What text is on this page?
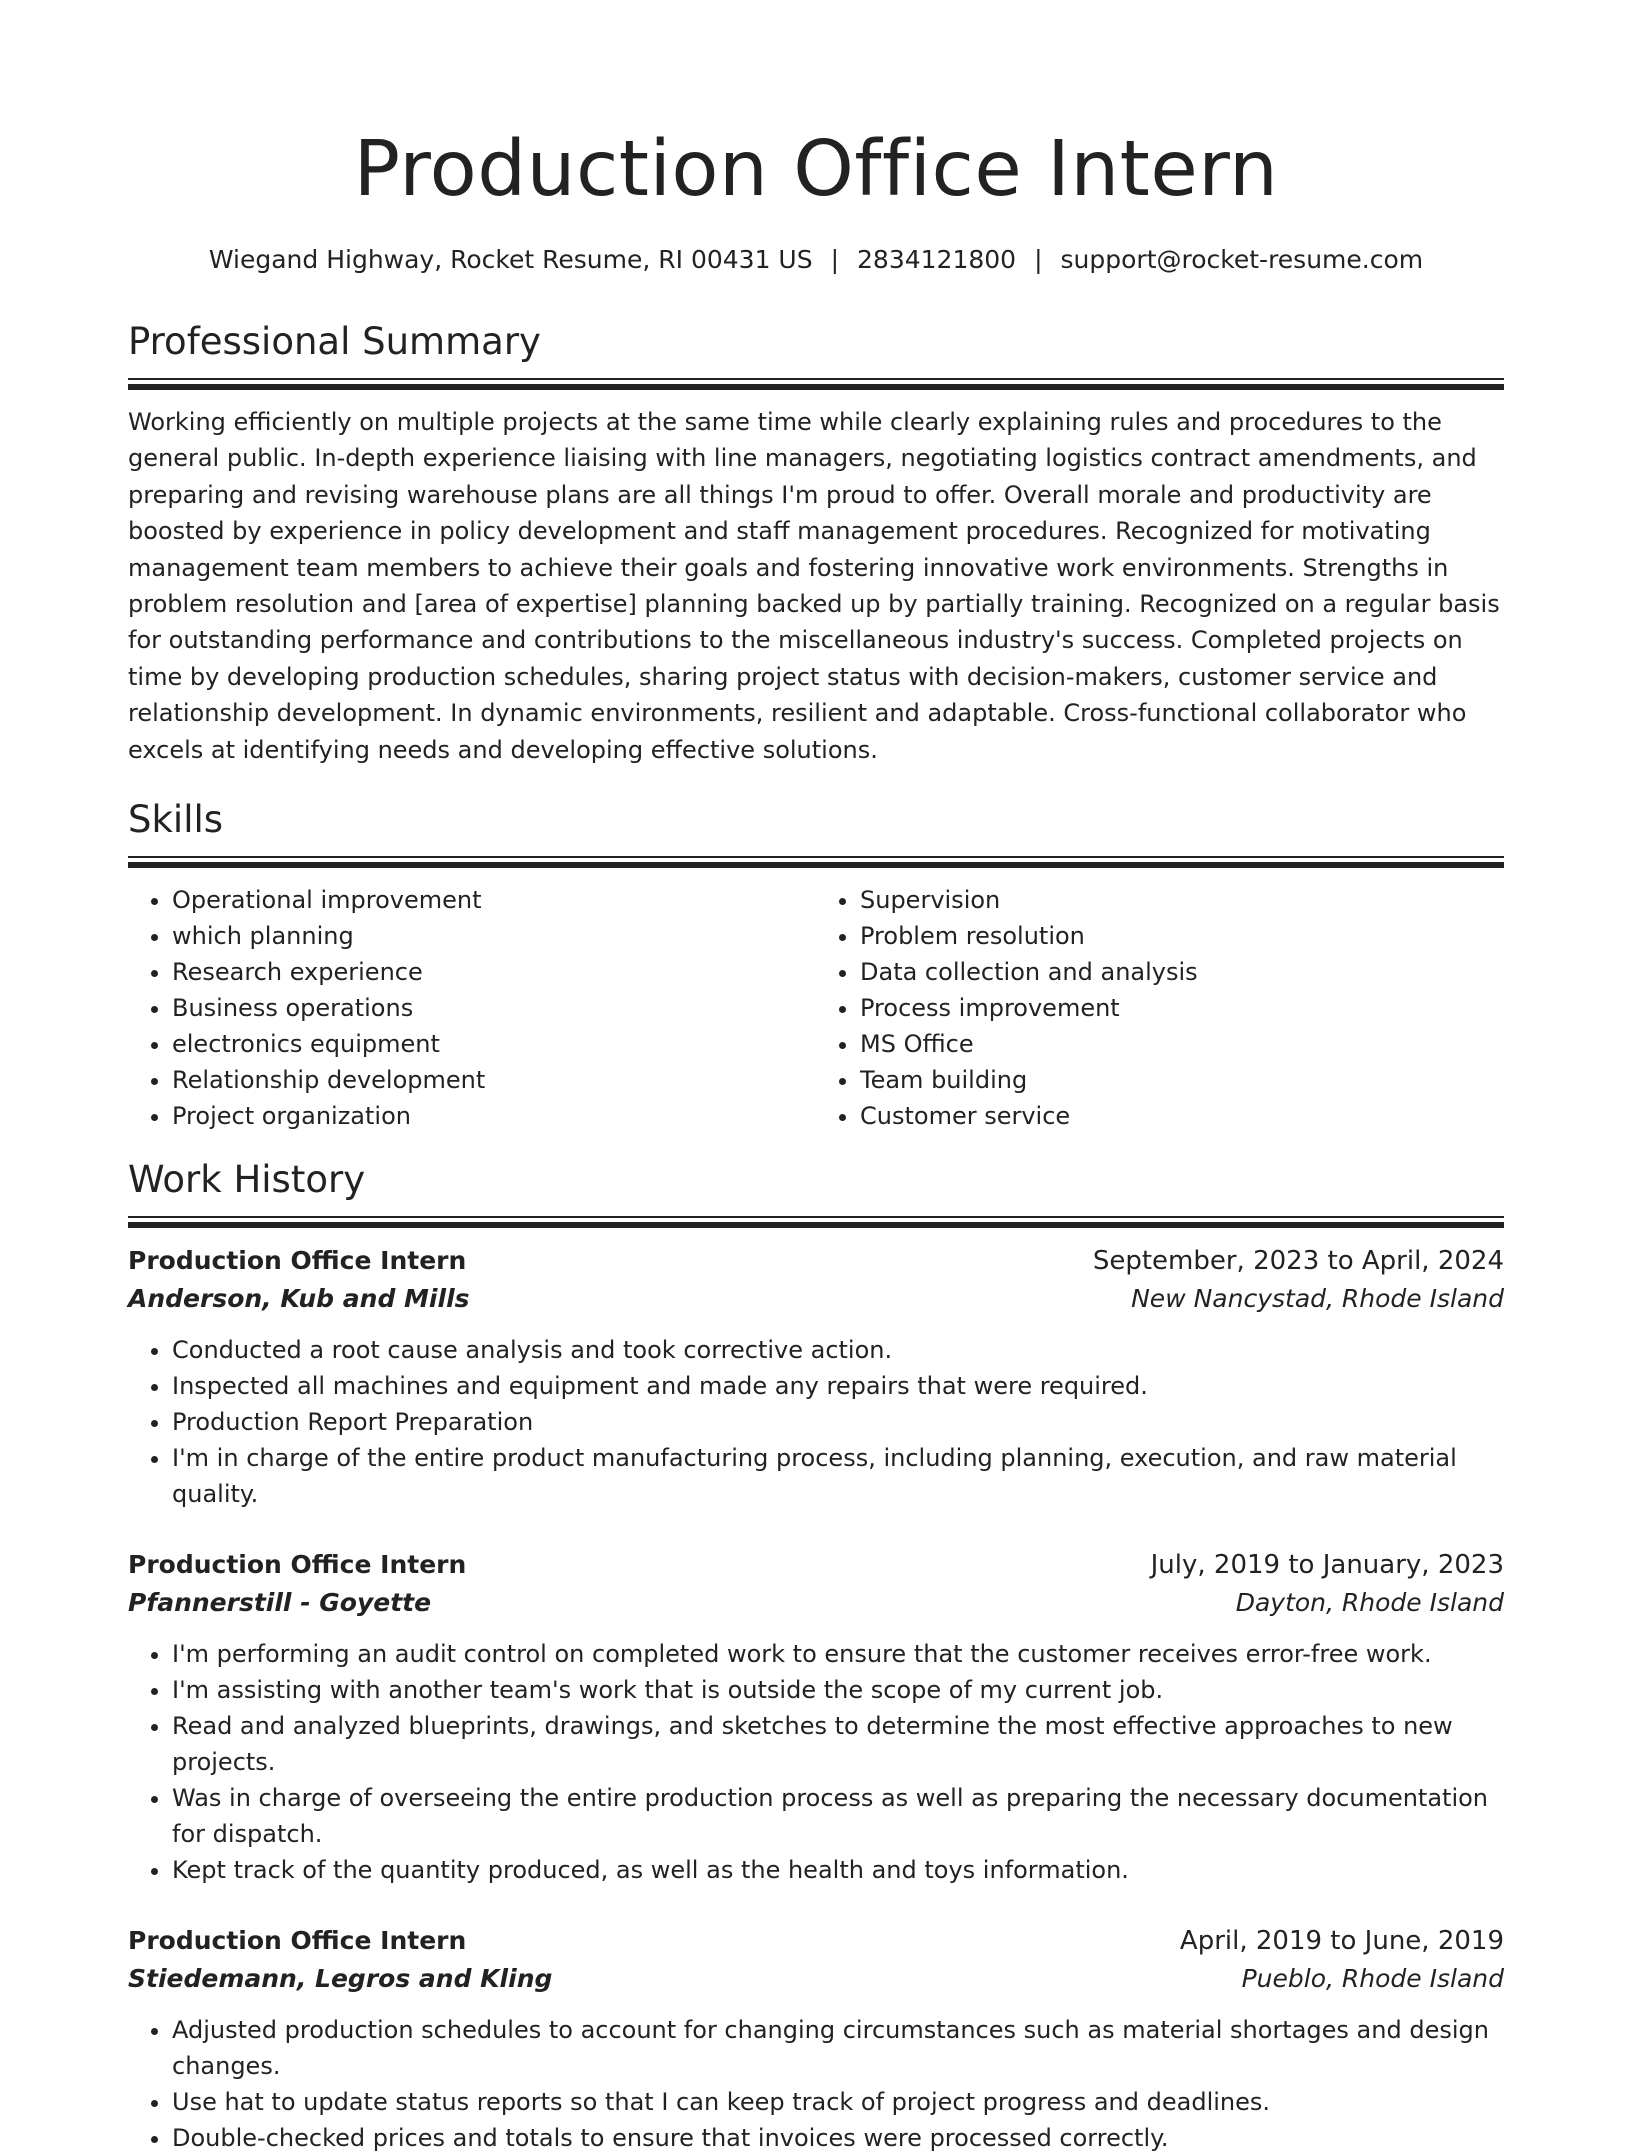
Production Office Intern
Wiegand Highway, Rocket Resume, RI 00431 US | 2834121800 | support@rocket-resume.com
Professional Summary

Working efficiently on multiple projects at the same time while clearly explaining rules and procedures to the general public. In-depth experience liaising with line managers, negotiating logistics contract amendments, and preparing and revising warehouse plans are all things I'm proud to offer. Overall morale and productivity are boosted by experience in policy development and staff management procedures. Recognized for motivating management team members to achieve their goals and fostering innovative work environments. Strengths in problem resolution and [area of expertise] planning backed up by partially training. Recognized on a regular basis for outstanding performance and contributions to the miscellaneous industry's success. Completed projects on time by developing production schedules, sharing project status with decision-makers, customer service and relationship development. In dynamic environments, resilient and adaptable. Cross-functional collaborator who excels at identifying needs and developing effective solutions.

Skills
• Operational improvement
• which planning
• Research experience
• Business operations
• electronics equipment
• Relationship development
• Project organization
• Supervision
• Problem resolution
• Data collection and analysis
• Process improvement
• MS Office
• Team building
• Customer service
Work History
Production Office Intern	September, 2023 to April, 2024
Anderson, Kub and Mills	New Nancystad, Rhode Island
• Conducted a root cause analysis and took corrective action.
• Inspected all machines and equipment and made any repairs that were required.
• Production Report Preparation
• I'm in charge of the entire product manufacturing process, including planning, execution, and raw material quality.
Production Office Intern	July, 2019 to January, 2023
Pfannerstill - Goyette	Dayton, Rhode Island
• I'm performing an audit control on completed work to ensure that the customer receives error-free work.
• I'm assisting with another team's work that is outside the scope of my current job.
• Read and analyzed blueprints, drawings, and sketches to determine the most effective approaches to new projects.
• Was in charge of overseeing the entire production process as well as preparing the necessary documentation for dispatch.
• Kept track of the quantity produced, as well as the health and toys information.
Production Office Intern	April, 2019 to June, 2019
Stiedemann, Legros and Kling	Pueblo, Rhode Island
• Adjusted production schedules to account for changing circumstances such as material shortages and design changes.
• Use hat to update status reports so that I can keep track of project progress and deadlines.
• Double-checked prices and totals to ensure that invoices were processed correctly.
